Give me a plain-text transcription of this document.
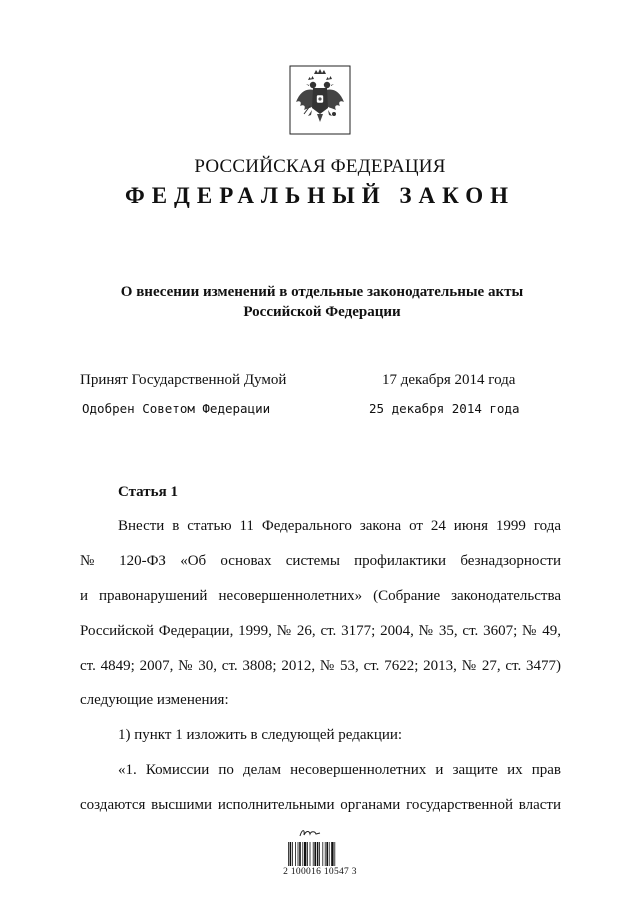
РОССИЙСКАЯ ФЕДЕРАЦИЯ
ФЕДЕРАЛЬНЫЙ ЗАКОН
О внесении изменений в отдельные законодательные акты
Российской Федерации
Принят Государственной Думой	17 декабря 2014 года
Одобрен Советом Федерации	25 декабря 2014 года
Статья 1
Внести в статью 11 Федерального закона от 24 июня 1999 года
№ 120-ФЗ «Об основах системы профилактики безнадзорности
и правонарушений несовершеннолетних» (Собрание законодательства
Российской Федерации, 1999, № 26, ст. 3177; 2004, № 35, ст. 3607; № 49,
ст. 4849; 2007, № 30, ст. 3808; 2012, № 53, ст. 7622; 2013, № 27, ст. 3477)
следующие изменения:
1) пункт 1 изложить в следующей редакции:
«1. Комиссии по делам несовершеннолетних и защите их прав
создаются высшими исполнительными органами государственной власти
2 100016 10547 3
